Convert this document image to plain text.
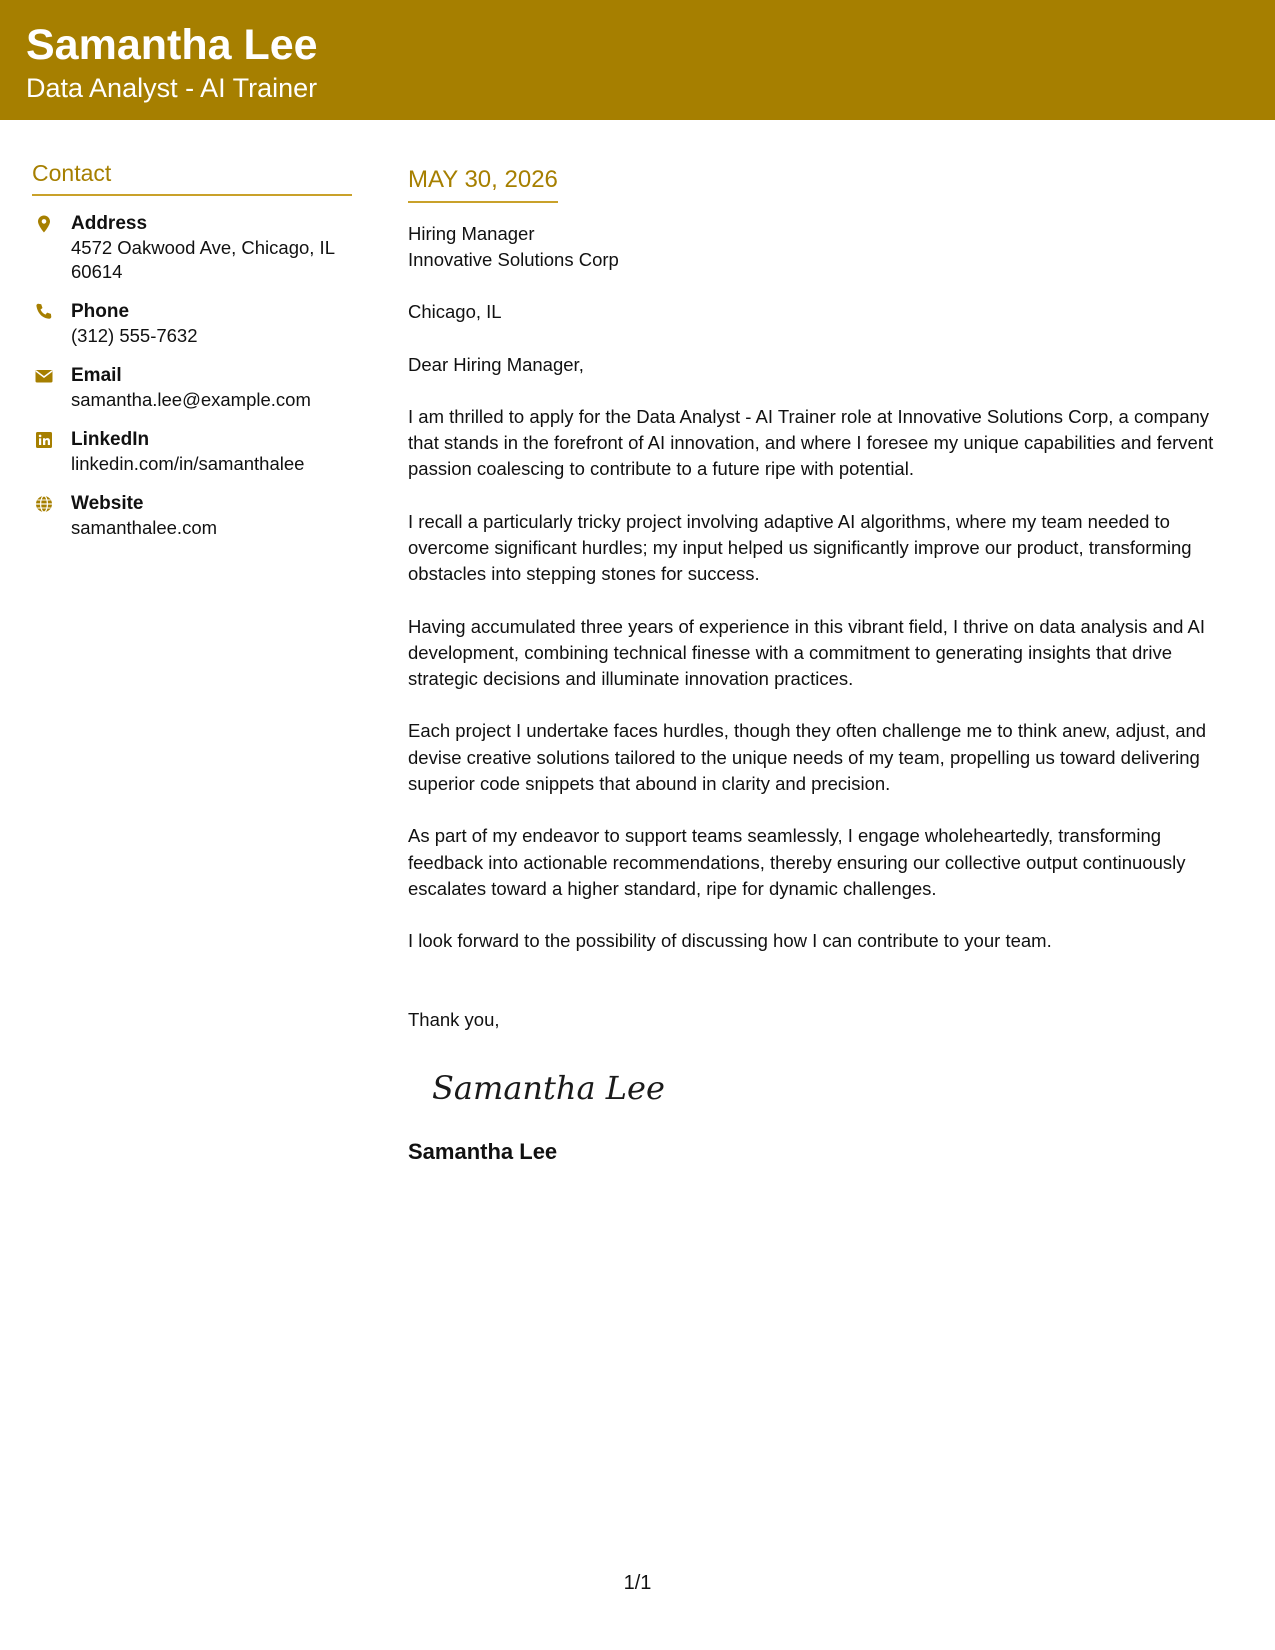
Samantha Lee
Data Analyst - AI Trainer
Contact
Address
4572 Oakwood Ave, Chicago, IL 60614
Phone
(312) 555-7632
Email
samantha.lee@example.com
LinkedIn
linkedin.com/in/samanthalee
Website
samanthalee.com
MAY 30, 2026
Hiring Manager
Innovative Solutions Corp
Chicago, IL
Dear Hiring Manager,
I am thrilled to apply for the Data Analyst - AI Trainer role at Innovative Solutions Corp, a company that stands in the forefront of AI innovation, and where I foresee my unique capabilities and fervent passion coalescing to contribute to a future ripe with potential.
I recall a particularly tricky project involving adaptive AI algorithms, where my team needed to overcome significant hurdles; my input helped us significantly improve our product, transforming obstacles into stepping stones for success.
Having accumulated three years of experience in this vibrant field, I thrive on data analysis and AI development, combining technical finesse with a commitment to generating insights that drive strategic decisions and illuminate innovation practices.
Each project I undertake faces hurdles, though they often challenge me to think anew, adjust, and devise creative solutions tailored to the unique needs of my team, propelling us toward delivering superior code snippets that abound in clarity and precision.
As part of my endeavor to support teams seamlessly, I engage wholeheartedly, transforming feedback into actionable recommendations, thereby ensuring our collective output continuously escalates toward a higher standard, ripe for dynamic challenges.
I look forward to the possibility of discussing how I can contribute to your team.
Thank you,
Samantha Lee
Samantha Lee
1/1
